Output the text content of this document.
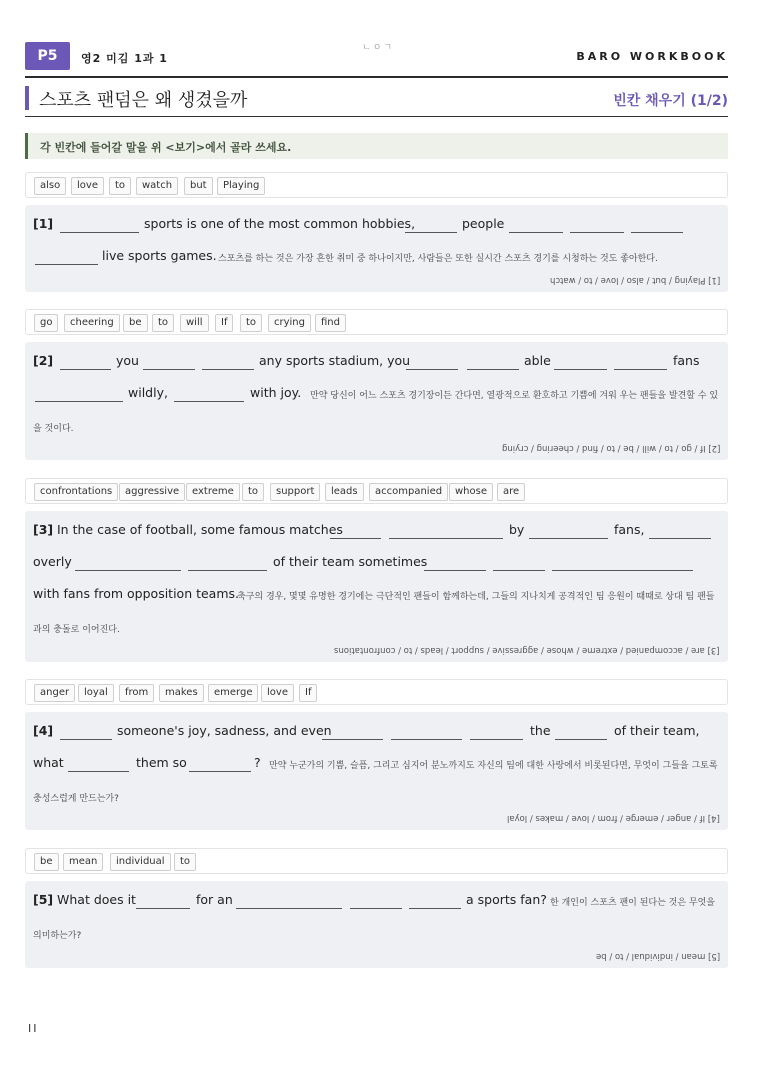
P5	영2 미김 1과 1
ㄴㅇㄱ
BARO WORKBOOK
스포츠 팬덤은 왜 생겼을까	빈칸 채우기 (1/2)
각 빈칸에 들어갈 말을 위 <보기>에서 골라 쓰세요.
also	love	to	watch	but	Playing
[1]	sports is one of the most common hobbies,	people
live sports games. 스포츠를 하는 것은 가장 흔한 취미 중 하나이지만, 사람들은 또한 실시간 스포츠 경기를 시청하는 것도 좋아한다.
[1] Playing / but / also / love / to / watch
go	cheering	be	to	will	If	to	crying	find
[2]	you	any sports stadium, you	able	fans
wildly,	with joy. 만약 당신이 어느 스포츠 경기장이든 간다면, 열광적으로 환호하고 기쁨에 겨워 우는 팬들을 발견할 수 있
을 것이다.
[2] If / go / to / will / be / to / find / cheering / crying
confrontations	aggressive	extreme	to	support	leads	accompanied	whose	are
[3] In the case of football, some famous matches	by	fans,
overly	of their team sometimes
with fans from opposition teams.
축구의 경우, 몇몇 유명한 경기에는 극단적인 팬들이 함께하는데, 그들의 지나치게 공격적인 팀 응원이 때때로 상대 팀 팬들
과의 충돌로 이어진다.
[3] are / accompanied / extreme / whose / aggressive / support / leads / to / confrontations
anger	loyal	from	makes	emerge	love	If
[4]	someone's joy, sadness, and even	the	of their team,
what	them so	? 만약 누군가의 기쁨, 슬픔, 그리고 심지어 분노까지도 자신의 팀에 대한 사랑에서 비롯된다면, 무엇이 그들을 그토록
충성스럽게 만드는가?
[4] If / anger / emerge / from / love / makes / loyal
be	mean	individual	to
[5] What does it	for an	a sports fan? 한 개인이 스포츠 팬이 된다는 것은 무엇을
의미하는가?
[5] mean / individual / to / be
II
